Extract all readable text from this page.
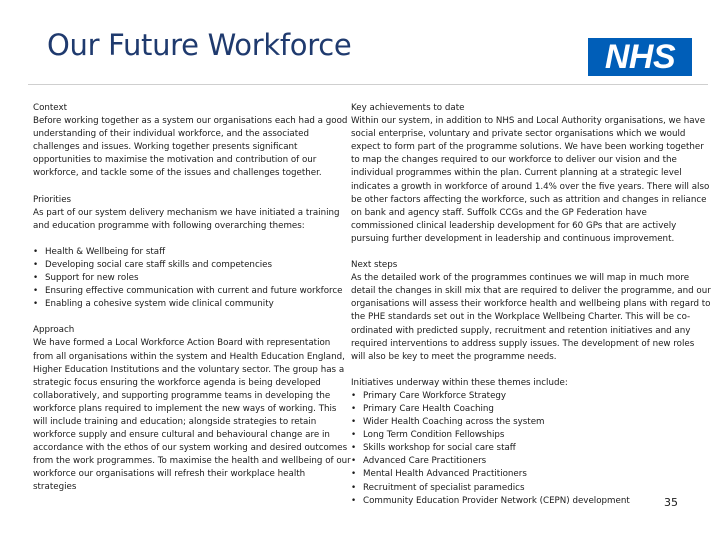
Our Future Workforce	NHS

Context

Before working together as a system our organisations each had a good understanding of their individual workforce, and the associated challenges and issues. Working together presents significant opportunities to maximise the motivation and contribution of our workforce, and tackle some of the issues and challenges together.

Priorities

As part of our system delivery mechanism we have initiated a training and education programme with following overarching themes:

• Health & Wellbeing for staff
• Developing social care staff skills and competencies
• Support for new roles
• Ensuring effective communication with current and future workforce
• Enabling a cohesive system wide clinical community

Approach

We have formed a Local Workforce Action Board with representation from all organisations within the system and Health Education England, Higher Education Institutions and the voluntary sector. The group has a strategic focus ensuring the workforce agenda is being developed collaboratively, and supporting programme teams in developing the workforce plans required to implement the new ways of working. This will include training and education; alongside strategies to retain workforce supply and ensure cultural and behavioural change are in accordance with the ethos of our system working and desired outcomes from the work programmes. To maximise the health and wellbeing of our workforce our organisations will refresh their workplace health strategies

Key achievements to date

Within our system, in addition to NHS and Local Authority organisations, we have social enterprise, voluntary and private sector organisations which we would expect to form part of the programme solutions. We have been working together to map the changes required to our workforce to deliver our vision and the individual programmes within the plan. Current planning at a strategic level indicates a growth in workforce of around 1.4% over the five years. There will also be other factors affecting the workforce, such as attrition and changes in reliance on bank and agency staff. Suffolk CCGs and the GP Federation have commissioned clinical leadership development for 60 GPs that are actively pursuing further development in leadership and continuous improvement.

Next steps

As the detailed work of the programmes continues we will map in much more detail the changes in skill mix that are required to deliver the programme, and our organisations will assess their workforce health and wellbeing plans with regard to the PHE standards set out in the Workplace Wellbeing Charter. This will be co-ordinated with predicted supply, recruitment and retention initiatives and any required interventions to address supply issues. The development of new roles will also be key to meet the programme needs.

Initiatives underway within these themes include:

• Primary Care Workforce Strategy
• Primary Care Health Coaching
• Wider Health Coaching across the system
• Long Term Condition Fellowships
• Skills workshop for social care staff
• Advanced Care Practitioners
• Mental Health Advanced Practitioners
• Recruitment of specialist paramedics
• Community Education Provider Network (CEPN) development	35
